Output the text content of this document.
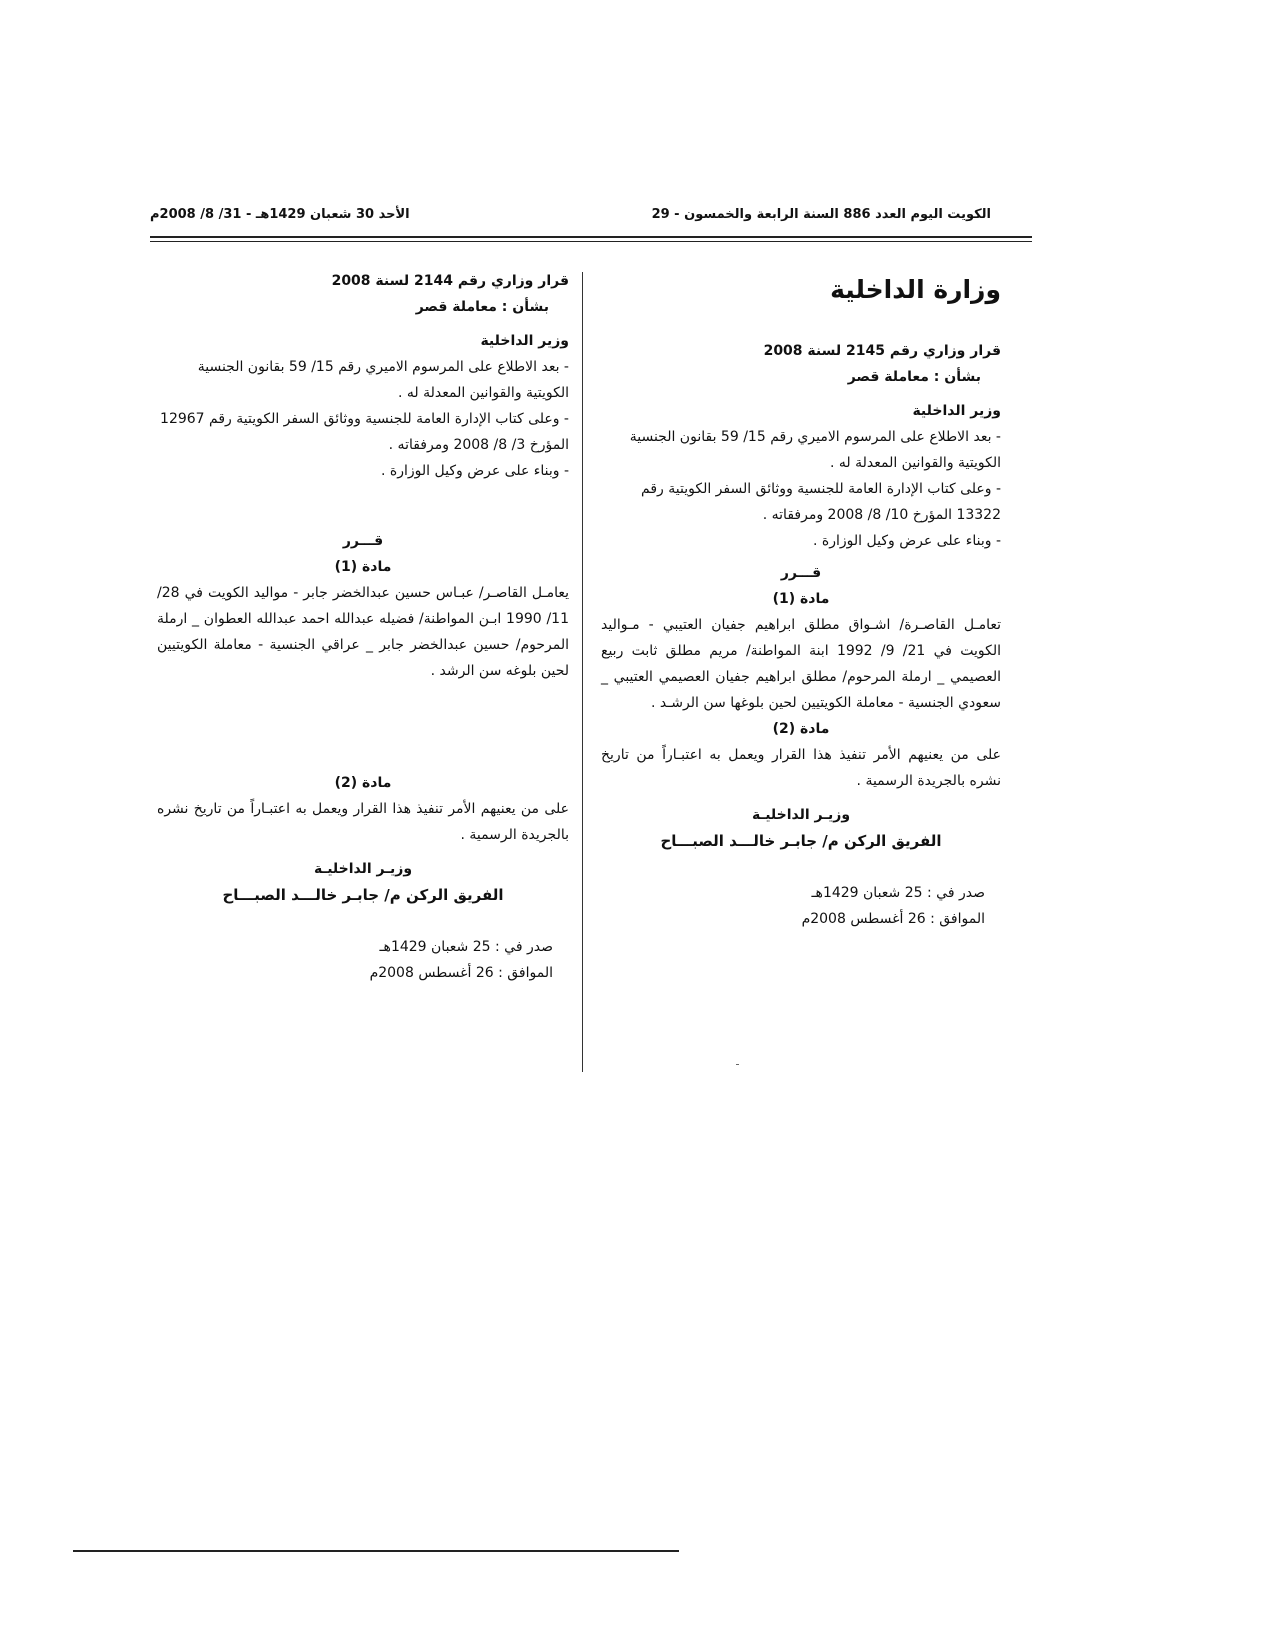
الكويت اليوم العدد 886 السنة الرابعة والخمسون - 29
الأحد 30 شعبان 1429هـ - 31/ 8/ 2008م
وزارة الداخلية
قرار وزاري رقم 2145 لسنة 2008
بشأن : معاملة قصر
وزير الداخلية

- بعد الاطلاع على المرسوم الاميري رقم 15/ 59 بقانون الجنسية الكويتية والقوانين المعدلة له .

- وعلى كتاب الإدارة العامة للجنسية ووثائق السفر الكويتية رقم 13322 المؤرخ 10/ 8/ 2008 ومرفقاته .

- وبناء على عرض وكيل الوزارة .

قـــرر
مادة (1)

تعامـل القاصـرة/ اشـواق مطلق ابراهيم جفيان العتيبي - مـواليد الكويت في 21/ 9/ 1992 ابنة المواطنة/ مريم مطلق ثابت ربيع العصيمي _ ارملة المرحوم/ مطلق ابراهيم جفيان العصيمي العتيبي _ سعودي الجنسية - معاملة الكويتيين لحين بلوغها سن الرشـد .

مادة (2)

على من يعنيهم الأمر تنفيذ هذا القرار ويعمل به اعتبـاراً من تاريخ نشره بالجريدة الرسمية .

وزيـر الداخليـة
الفريق الركن م/ جابـر خالـــد الصبـــاح
صدر في : 25 شعبان 1429هـ
الموافق : 26 أغسطس 2008م
قرار وزاري رقم 2144 لسنة 2008
بشأن : معاملة قصر
وزير الداخلية

- بعد الاطلاع على المرسوم الاميري رقم 15/ 59 بقانون الجنسية الكويتية والقوانين المعدلة له .

- وعلى كتاب الإدارة العامة للجنسية ووثائق السفر الكويتية رقم 12967 المؤرخ 3/ 8/ 2008 ومرفقاته .

- وبناء على عرض وكيل الوزارة .

قـــرر
مادة (1)

يعامـل القاصـر/ عبـاس حسين عبدالخضر جابر - مواليد الكويت في 28/ 11/ 1990 ابـن المواطنة/ فضيله عبدالله احمد عبدالله العطوان _ ارملة المرحوم/ حسين عبدالخضر جابر _ عراقي الجنسية - معاملة الكويتيين لحين بلوغه سن الرشد .

مادة (2)

على من يعنيهم الأمر تنفيذ هذا القرار ويعمل به اعتبـاراً من تاريخ نشره بالجريدة الرسمية .

وزيـر الداخليـة
الفريق الركن م/ جابـر خالـــد الصبـــاح
صدر في : 25 شعبان 1429هـ
الموافق : 26 أغسطس 2008م
